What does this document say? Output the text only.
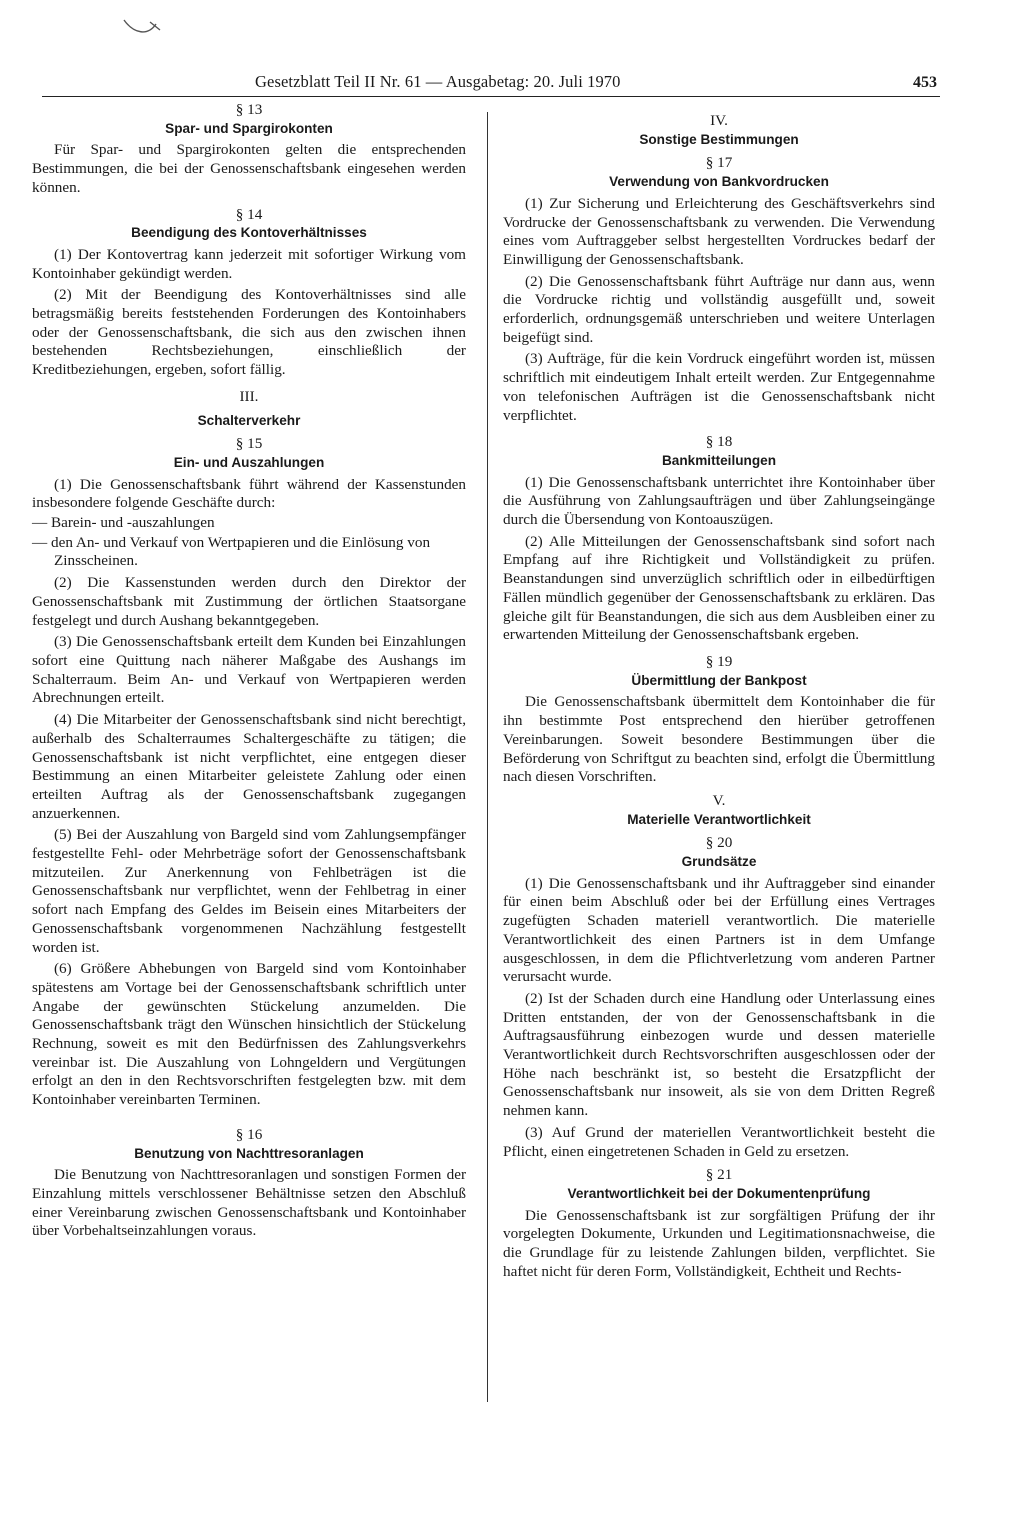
Gesetzblatt Teil II Nr. 61 — Ausgabetag: 20. Juli 1970	453
§ 13
Spar- und Spargirokonten
Für Spar- und Spargirokonten gelten die entsprechenden Bestimmungen, die bei der Genossenschaftsbank eingesehen werden können.
§ 14
Beendigung des Kontoverhältnisses
(1) Der Kontovertrag kann jederzeit mit sofortiger Wirkung vom Kontoinhaber gekündigt werden.
(2) Mit der Beendigung des Kontoverhältnisses sind alle betragsmäßig bereits feststehenden Forderungen des Kontoinhabers oder der Genossenschaftsbank, die sich aus den zwischen ihnen bestehenden Rechtsbeziehungen, einschließlich der Kreditbeziehungen, ergeben, sofort fällig.
III.
Schalterverkehr
§ 15
Ein- und Auszahlungen
(1) Die Genossenschaftsbank führt während der Kassenstunden insbesondere folgende Geschäfte durch:
— Barein- und -auszahlungen
— den An- und Verkauf von Wertpapieren und die Einlösung von Zinsscheinen.
(2) Die Kassenstunden werden durch den Direktor der Genossenschaftsbank mit Zustimmung der örtlichen Staatsorgane festgelegt und durch Aushang bekanntgegeben.
(3) Die Genossenschaftsbank erteilt dem Kunden bei Einzahlungen sofort eine Quittung nach näherer Maßgabe des Aushangs im Schalterraum. Beim An- und Verkauf von Wertpapieren werden Abrechnungen erteilt.
(4) Die Mitarbeiter der Genossenschaftsbank sind nicht berechtigt, außerhalb des Schalterraumes Schaltergeschäfte zu tätigen; die Genossenschaftsbank ist nicht verpflichtet, eine entgegen dieser Bestimmung an einen Mitarbeiter geleistete Zahlung oder einen erteilten Auftrag als der Genossenschaftsbank zugegangen anzuerkennen.
(5) Bei der Auszahlung von Bargeld sind vom Zahlungsempfänger festgestellte Fehl- oder Mehrbeträge sofort der Genossenschaftsbank mitzuteilen. Zur Anerkennung von Fehlbeträgen ist die Genossenschaftsbank nur verpflichtet, wenn der Fehlbetrag in einer sofort nach Empfang des Geldes im Beisein eines Mitarbeiters der Genossenschaftsbank vorgenommenen Nachzählung festgestellt worden ist.
(6) Größere Abhebungen von Bargeld sind vom Kontoinhaber spätestens am Vortage bei der Genossenschaftsbank schriftlich unter Angabe der gewünschten Stückelung anzumelden. Die Genossenschaftsbank trägt den Wünschen hinsichtlich der Stückelung Rechnung, soweit es mit den Bedürfnissen des Zahlungsverkehrs vereinbar ist. Die Auszahlung von Lohngeldern und Vergütungen erfolgt an den in den Rechtsvorschriften festgelegten bzw. mit dem Kontoinhaber vereinbarten Terminen.
§ 16
Benutzung von Nachttresoranlagen
Die Benutzung von Nachttresoranlagen und sonstigen Formen der Einzahlung mittels verschlossener Behältnisse setzen den Abschluß einer Vereinbarung zwischen Genossenschaftsbank und Kontoinhaber über Vorbehaltseinzahlungen voraus.
IV.
Sonstige Bestimmungen
§ 17
Verwendung von Bankvordrucken
(1) Zur Sicherung und Erleichterung des Geschäftsverkehrs sind Vordrucke der Genossenschaftsbank zu verwenden. Die Verwendung eines vom Auftraggeber selbst hergestellten Vordruckes bedarf der Einwilligung der Genossenschaftsbank.
(2) Die Genossenschaftsbank führt Aufträge nur dann aus, wenn die Vordrucke richtig und vollständig ausgefüllt und, soweit erforderlich, ordnungsgemäß unterschrieben und weitere Unterlagen beigefügt sind.
(3) Aufträge, für die kein Vordruck eingeführt worden ist, müssen schriftlich mit eindeutigem Inhalt erteilt werden. Zur Entgegennahme von telefonischen Aufträgen ist die Genossenschaftsbank nicht verpflichtet.
§ 18
Bankmitteilungen
(1) Die Genossenschaftsbank unterrichtet ihre Kontoinhaber über die Ausführung von Zahlungsaufträgen und über Zahlungseingänge durch die Übersendung von Kontoauszügen.
(2) Alle Mitteilungen der Genossenschaftsbank sind sofort nach Empfang auf ihre Richtigkeit und Vollständigkeit zu prüfen. Beanstandungen sind unverzüglich schriftlich oder in eilbedürftigen Fällen mündlich gegenüber der Genossenschaftsbank zu erklären. Das gleiche gilt für Beanstandungen, die sich aus dem Ausbleiben einer zu erwartenden Mitteilung der Genossenschaftsbank ergeben.
§ 19
Übermittlung der Bankpost
Die Genossenschaftsbank übermittelt dem Kontoinhaber die für ihn bestimmte Post entsprechend den hierüber getroffenen Vereinbarungen. Soweit besondere Bestimmungen über die Beförderung von Schriftgut zu beachten sind, erfolgt die Übermittlung nach diesen Vorschriften.
V.
Materielle Verantwortlichkeit
§ 20
Grundsätze
(1) Die Genossenschaftsbank und ihr Auftraggeber sind einander für einen beim Abschluß oder bei der Erfüllung eines Vertrages zugefügten Schaden materiell verantwortlich. Die materielle Verantwortlichkeit des einen Partners ist in dem Umfange ausgeschlossen, in dem die Pflichtverletzung vom anderen Partner verursacht wurde.
(2) Ist der Schaden durch eine Handlung oder Unterlassung eines Dritten entstanden, der von der Genossenschaftsbank in die Auftragsausführung einbezogen wurde und dessen materielle Verantwortlichkeit durch Rechtsvorschriften ausgeschlossen oder der Höhe nach beschränkt ist, so besteht die Ersatzpflicht der Genossenschaftsbank nur insoweit, als sie von dem Dritten Regreß nehmen kann.
(3) Auf Grund der materiellen Verantwortlichkeit besteht die Pflicht, einen eingetretenen Schaden in Geld zu ersetzen.
§ 21
Verantwortlichkeit bei der Dokumentenprüfung
Die Genossenschaftsbank ist zur sorgfältigen Prüfung der ihr vorgelegten Dokumente, Urkunden und Legitimationsnachweise, die die Grundlage für zu leistende Zahlungen bilden, verpflichtet. Sie haftet nicht für deren Form, Vollständigkeit, Echtheit und Rechts-
